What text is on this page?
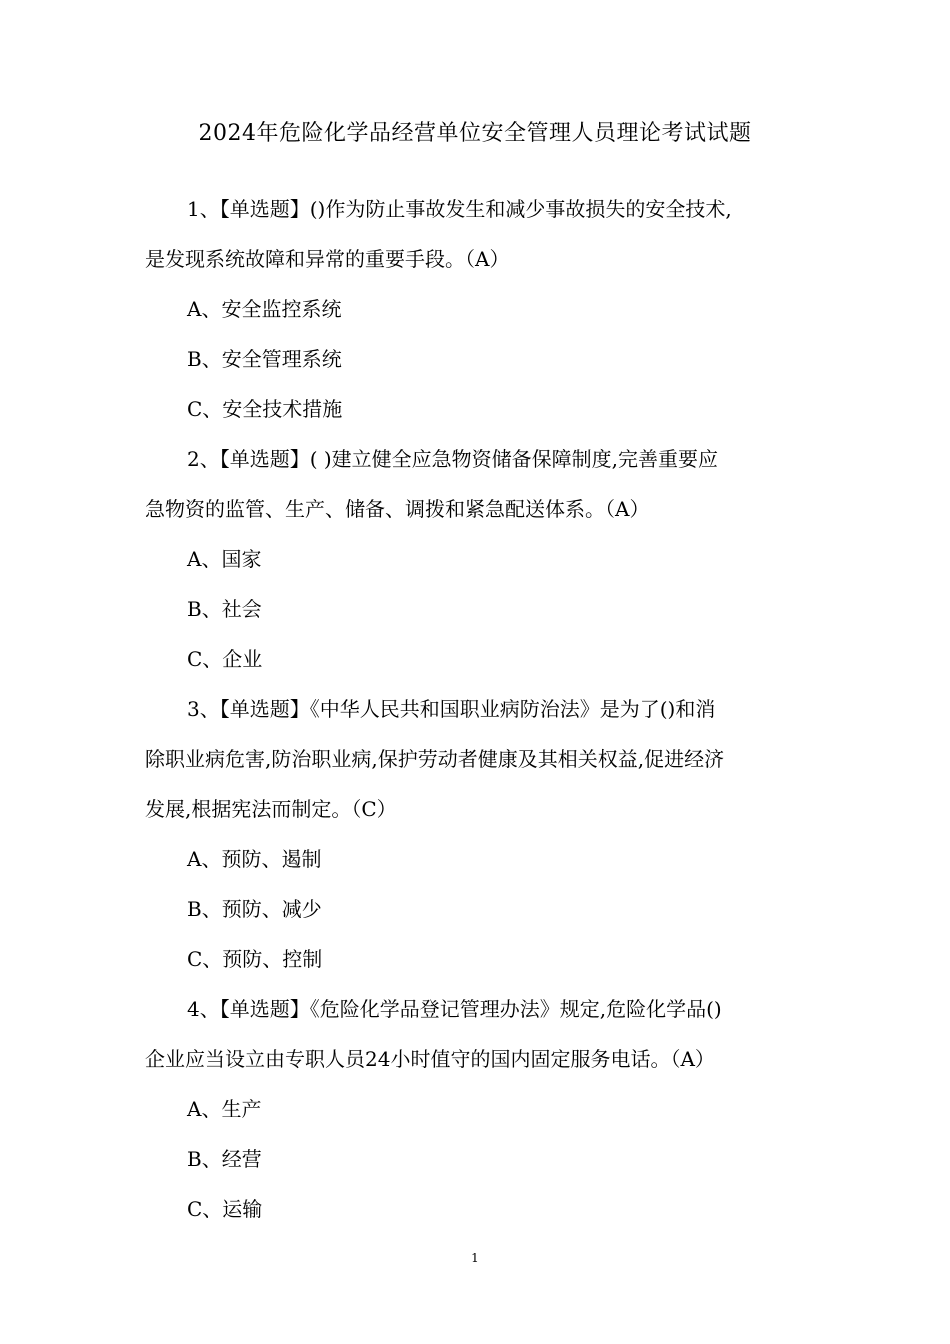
2024年危险化学品经营单位安全管理人员理论考试试题
1、【单选题】()作为防止事故发生和减少事故损失的安全技术,
是发现系统故障和异常的重要手段。（A）
A、安全监控系统
B、安全管理系统
C、安全技术措施
2、【单选题】( )建立健全应急物资储备保障制度,完善重要应
急物资的监管、生产、储备、调拨和紧急配送体系。（A）
A、国家
B、社会
C、企业
3、【单选题】《中华人民共和国职业病防治法》是为了()和消
除职业病危害,防治职业病,保护劳动者健康及其相关权益,促进经济
发展,根据宪法而制定。（C）
A、预防、遏制
B、预防、减少
C、预防、控制
4、【单选题】《危险化学品登记管理办法》规定,危险化学品()
企业应当设立由专职人员24小时值守的国内固定服务电话。（A）
A、生产
B、经营
C、运输
1
